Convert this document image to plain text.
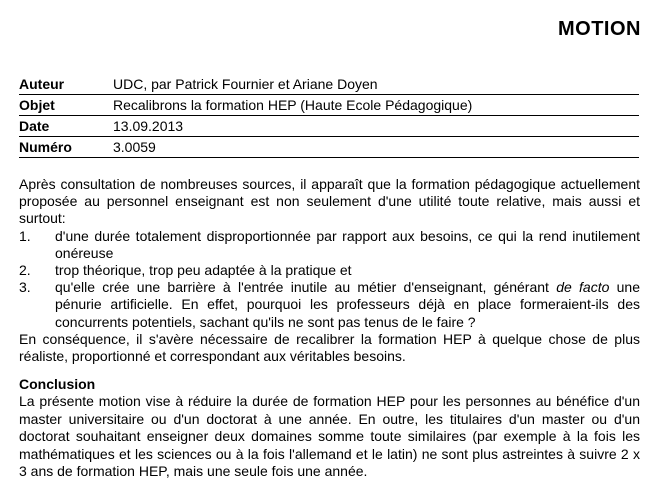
MOTION
Auteur	UDC, par Patrick Fournier et Ariane Doyen
Objet	Recalibrons la formation HEP (Haute Ecole Pédagogique)
Date	13.09.2013
Numéro	3.0059

Après consultation de nombreuses sources, il apparaît que la formation pédagogique actuellement proposée au personnel enseignant est non seulement d'une utilité toute relative, mais aussi et surtout:

1. d'une durée totalement disproportionnée par rapport aux besoins, ce qui la rend inutilement onéreuse
2. trop théorique, trop peu adaptée à la pratique et
3. qu'elle crée une barrière à l'entrée inutile au métier d'enseignant, générant de facto une pénurie artificielle. En effet, pourquoi les professeurs déjà en place formeraient-ils des concurrents potentiels, sachant qu'ils ne sont pas tenus de le faire ?

En conséquence, il s'avère nécessaire de recalibrer la formation HEP à quelque chose de plus réaliste, proportionné et correspondant aux véritables besoins.

Conclusion

La présente motion vise à réduire la durée de formation HEP pour les personnes au bénéfice d'un master universitaire ou d'un doctorat à une année. En outre, les titulaires d'un master ou d'un doctorat souhaitant enseigner deux domaines somme toute similaires (par exemple à la fois les mathématiques et les sciences ou à la fois l'allemand et le latin) ne sont plus astreintes à suivre 2 x 3 ans de formation HEP, mais une seule fois une année.
